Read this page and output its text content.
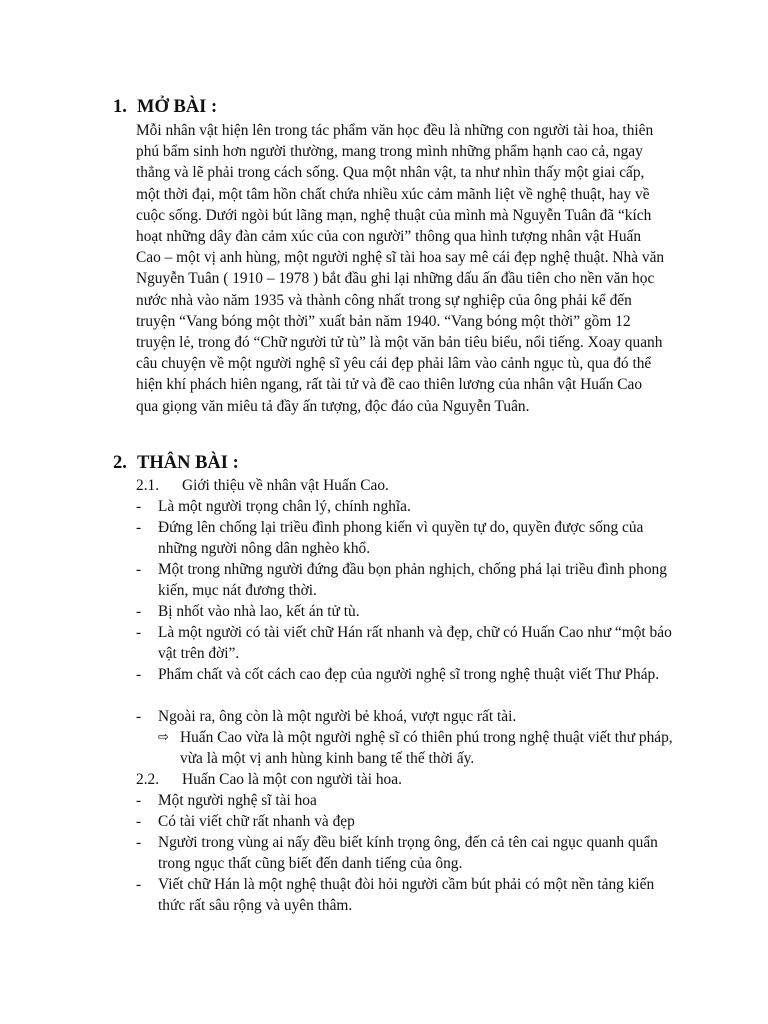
1. MỞ BÀI :

Mỗi nhân vật hiện lên trong tác phẩm văn học đều là những con người tài hoa, thiên phú bẩm sinh hơn người thường, mang trong mình những phẩm hạnh cao cả, ngay thẳng và lẽ phải trong cách sống. Qua một nhân vật, ta như nhìn thấy một giai cấp, một thời đại, một tâm hồn chất chứa nhiều xúc cảm mãnh liệt về nghệ thuật, hay về cuộc sống. Dưới ngòi bút lãng mạn, nghệ thuật của mình mà Nguyễn Tuân đã “kích hoạt những dây đàn cảm xúc của con người” thông qua hình tượng nhân vật Huấn Cao – một vị anh hùng, một người nghệ sĩ tài hoa say mê cái đẹp nghệ thuật. Nhà văn Nguyễn Tuân ( 1910 – 1978 ) bắt đầu ghi lại những dấu ấn đầu tiên cho nền văn học nước nhà vào năm 1935 và thành công nhất trong sự nghiệp của ông phải kể đến truyện “Vang bóng một thời” xuất bản năm 1940. “Vang bóng một thời” gồm 12 truyện lẻ, trong đó “Chữ người tử tù” là một văn bản tiêu biểu, nổi tiếng. Xoay quanh câu chuyện về một người nghệ sĩ yêu cái đẹp phải lâm vào cảnh ngục tù, qua đó thể hiện khí phách hiên ngang, rất tài tử và đề cao thiên lương của nhân vật Huấn Cao qua giọng văn miêu tả đầy ấn tượng, độc đáo của Nguyễn Tuân.

2. THÂN BÀI :
2.1. Giới thiệu về nhân vật Huấn Cao.
-	Là một người trọng chân lý, chính nghĩa.
-	Đứng lên chống lại triều đình phong kiến vì quyền tự do, quyền được sống của những người nông dân nghèo khổ.
-	Một trong những người đứng đầu bọn phản nghịch, chống phá lại triều đình phong kiến, mục nát đương thời.
-	Bị nhốt vào nhà lao, kết án tử tù.
-	Là một người có tài viết chữ Hán rất nhanh và đẹp, chữ có Huấn Cao như “một báo vật trên đời”.
-	Phẩm chất và cốt cách cao đẹp của người nghệ sĩ trong nghệ thuật viết Thư Pháp.
-	Ngoài ra, ông còn là một người bẻ khoá, vượt ngục rất tài.
⇨ Huấn Cao vừa là một người nghệ sĩ có thiên phú trong nghệ thuật viết thư pháp, vừa là một vị anh hùng kinh bang tế thế thời ấy.
2.2. Huấn Cao là một con người tài hoa.
-	Một người nghệ sĩ tài hoa
-	Có tài viết chữ rất nhanh và đẹp
-	Người trong vùng ai nấy đều biết kính trọng ông, đến cả tên cai ngục quanh quẩn trong ngục thất cũng biết đến danh tiếng của ông.
-	Viết chữ Hán là một nghệ thuật đòi hỏi người cầm bút phải có một nền tảng kiến thức rất sâu rộng và uyên thâm.
